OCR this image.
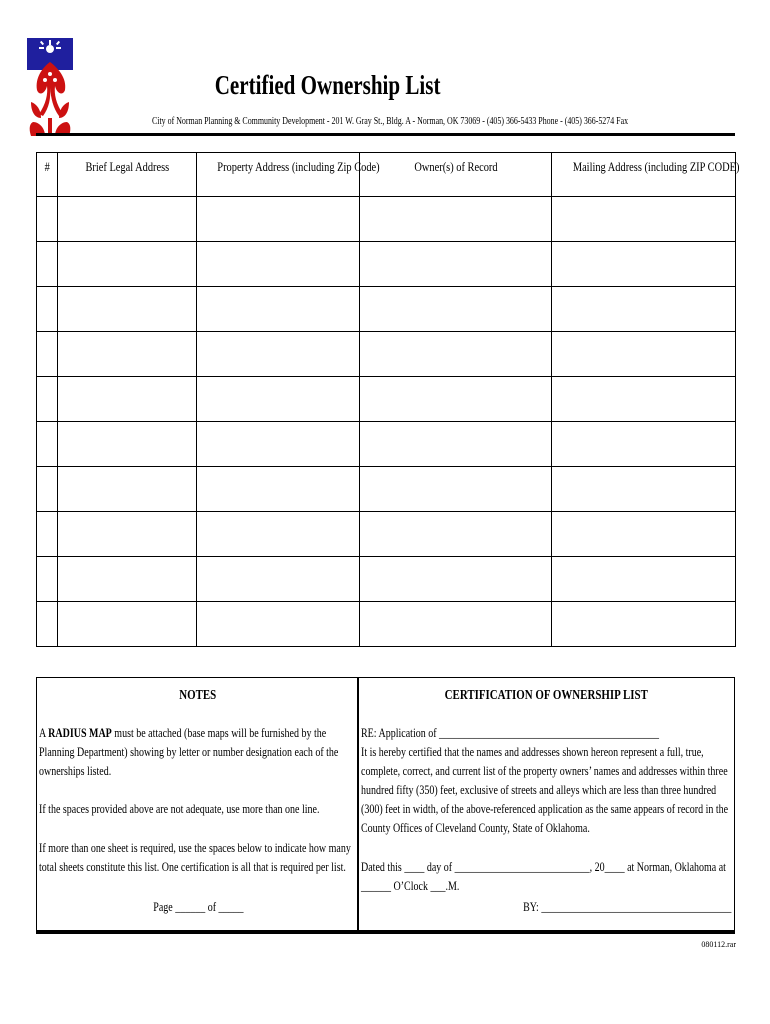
Certified Ownership List
City of Norman Planning & Community Development - 201 W. Gray St., Bldg. A - Norman, OK 73069 - (405) 366-5433 Phone - (405) 366-5274 Fax
#	Brief Legal Address	Property Address (including Zip Code)	Owner(s) of Record	Mailing Address (including ZIP CODE)

NOTES
A RADIUS MAP must be attached (base maps will be furnished by the Planning Department) showing by letter or number designation each of the ownerships listed.
If the spaces provided above are not adequate, use more than one line.
If more than one sheet is required, use the spaces below to indicate how many total sheets constitute this list. One certification is all that is required per list.
Page ______ of _____
CERTIFICATION OF OWNERSHIP LIST
RE: Application of ____________________________________________
It is hereby certified that the names and addresses shown hereon represent a full, true, complete, correct, and current list of the property owners’ names and addresses within three hundred fifty (350) feet, exclusive of streets and alleys which are less than three hundred (300) feet in width, of the above-referenced application as the same appears of record in the County Offices of Cleveland County, State of Oklahoma.
Dated this ____ day of ___________________________, 20____ at Norman, Oklahoma at ______ O’Clock ___.M.
BY: ______________________________________
080112.rar
